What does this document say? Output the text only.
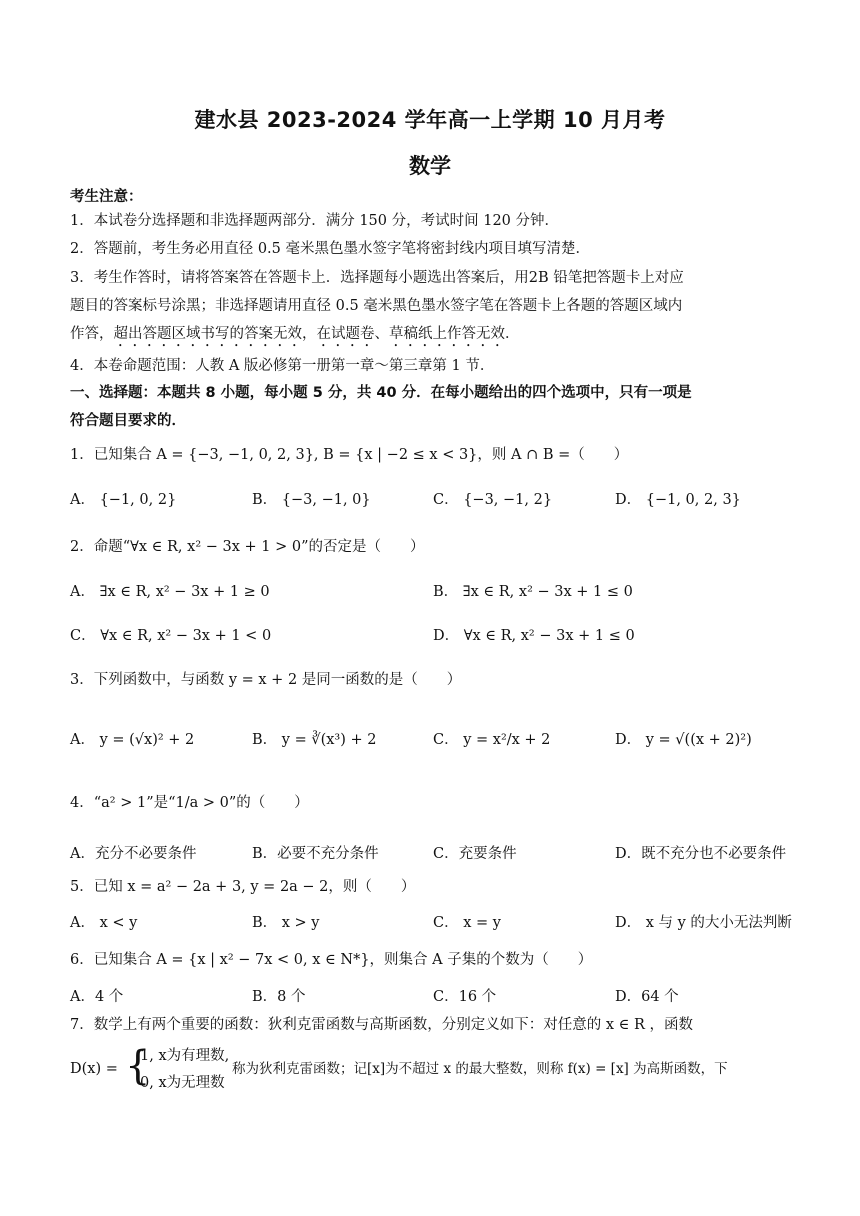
建水县 2023-2024 学年高一上学期 10 月月考
数学
考生注意：
1．本试卷分选择题和非选择题两部分．满分 150 分，考试时间 120 分钟．
2．答题前，考生务必用直径 0.5 毫米黑色墨水签字笔将密封线内项目填写清楚．
3．考生作答时，请将答案答在答题卡上．选择题每小题选出答案后，用2B 铅笔把答题卡上对应
题目的答案标号涂黑；非选择题请用直径 0.5 毫米黑色墨水签字笔在答题卡上各题的答题区域内
作答，超出答题区域书写的答案无效，在试题卷、草稿纸上作答无效．
4．本卷命题范围：人教 A 版必修第一册第一章～第三章第 1 节．
一、选择题：本题共 8 小题，每小题 5 分，共 40 分．在每小题给出的四个选项中，只有一项是
符合题目要求的．
1．已知集合 A = {−3, −1, 0, 2, 3}, B = {x | −2 ≤ x < 3}，则 A ∩ B =（　　）
A． {−1, 0, 2}	B． {−3, −1, 0}	C． {−3, −1, 2}	D． {−1, 0, 2, 3}
2．命题“∀x ∈ R, x² − 3x + 1 > 0”的否定是（　　）
A． ∃x ∈ R, x² − 3x + 1 ≥ 0	B． ∃x ∈ R, x² − 3x + 1 ≤ 0
C． ∀x ∈ R, x² − 3x + 1 < 0	D． ∀x ∈ R, x² − 3x + 1 ≤ 0
3．下列函数中，与函数 y = x + 2 是同一函数的是（　　）
A． y = (√x)² + 2	B． y = ∛(x³) + 2	C． y = x²/x + 2	D． y = √((x + 2)²)
4．“a² > 1”是“1/a > 0”的（　　）
A．充分不必要条件	B．必要不充分条件	C．充要条件	D．既不充分也不必要条件
5．已知 x = a² − 2a + 3, y = 2a − 2，则（　　）
A． x < y	B． x > y	C． x = y	D． x 与 y 的大小无法判断
6．已知集合 A = {x | x² − 7x < 0, x ∈ N*}，则集合 A 子集的个数为（　　）
A．4 个	B．8 个	C．16 个	D．64 个
7．数学上有两个重要的函数：狄利克雷函数与高斯函数，分别定义如下：对任意的 x ∈ R ，函数
D(x) = {
1, x为有理数,
0, x为无理数
称为狄利克雷函数；记[x]为不超过 x 的最大整数，则称 f(x) = [x] 为高斯函数，下
